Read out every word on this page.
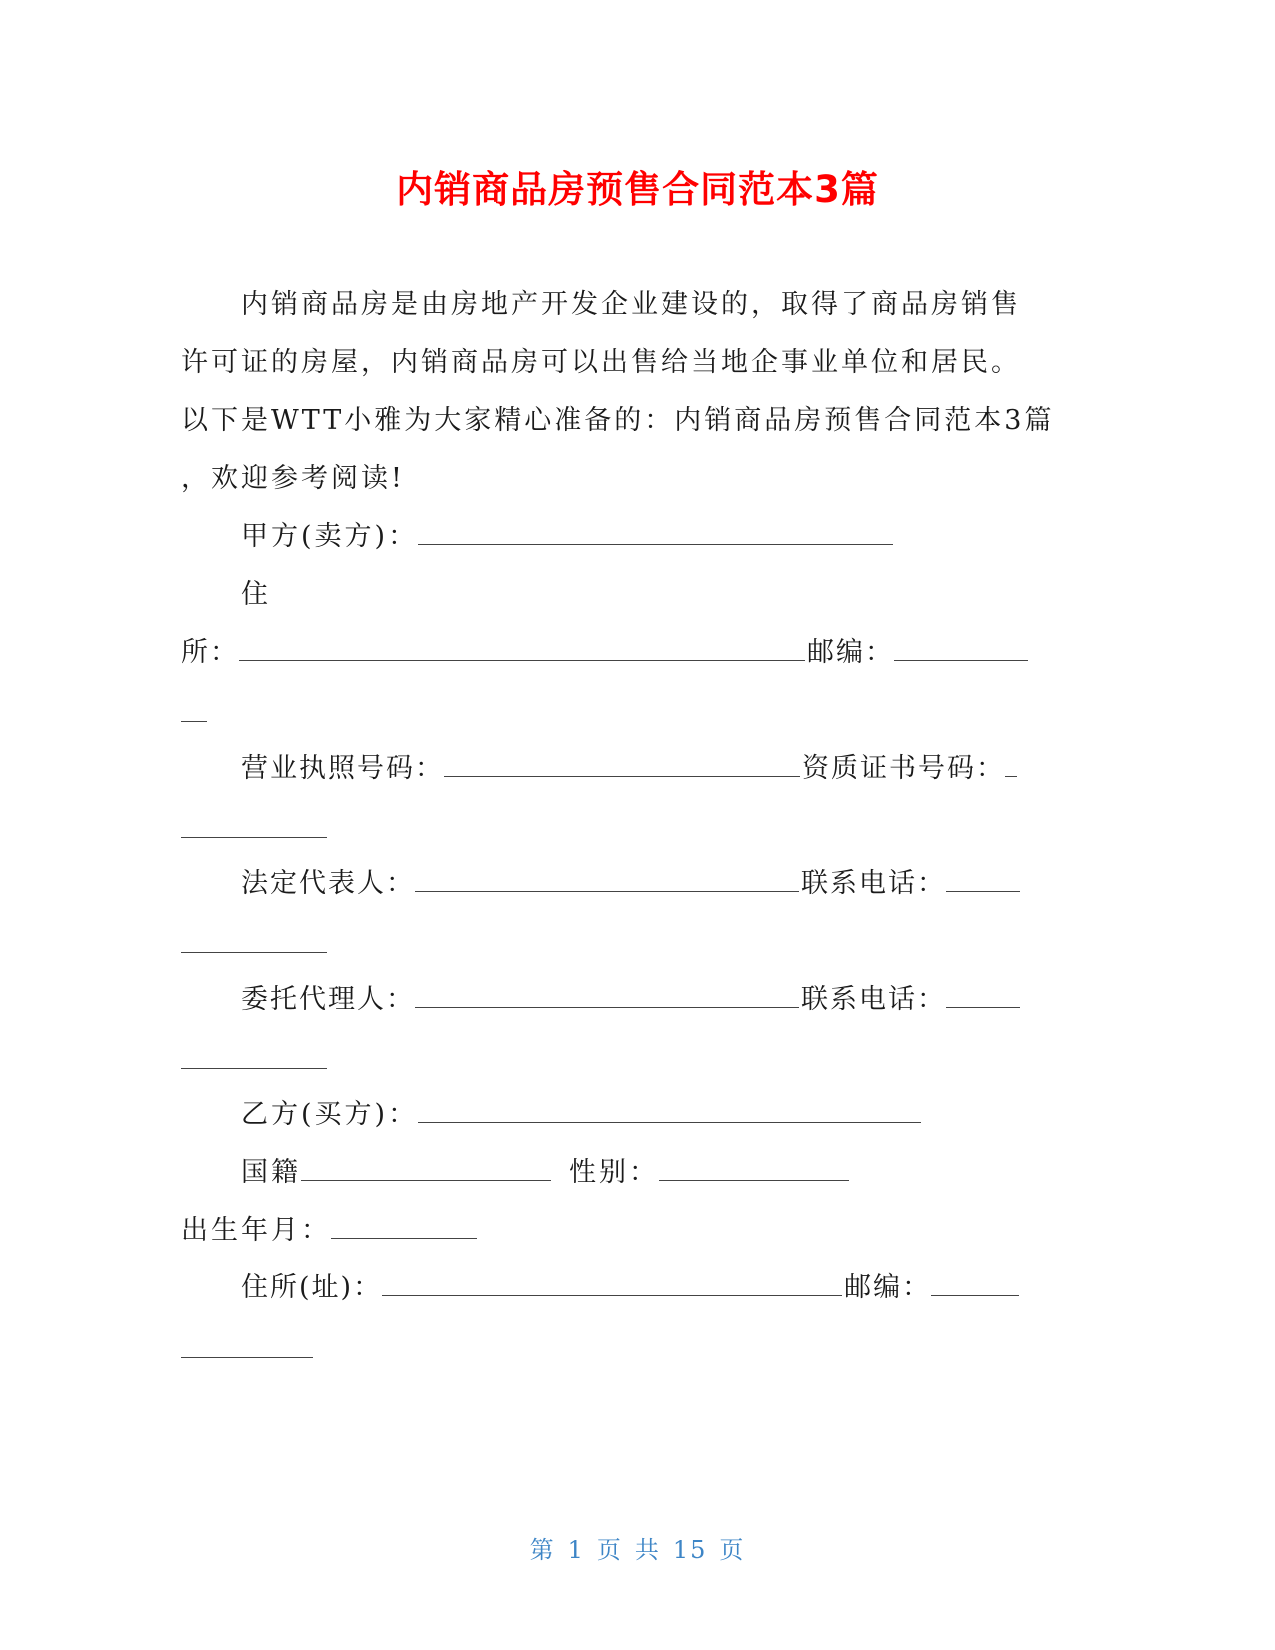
内销商品房预售合同范本3篇
内销商品房是由房地产开发企业建设的，取得了商品房销售
许可证的房屋，内销商品房可以出售给当地企事业单位和居民。
以下是WTT小雅为大家精心准备的：内销商品房预售合同范本3篇
，欢迎参考阅读!
甲方(卖方)：
住
所：	邮编：
营业执照号码：	资质证书号码：
法定代表人：	联系电话：
委托代理人：	联系电话：
乙方(买方)：
国籍	性别：
出生年月：
住所(址)：	邮编：
第 1 页 共 15 页
